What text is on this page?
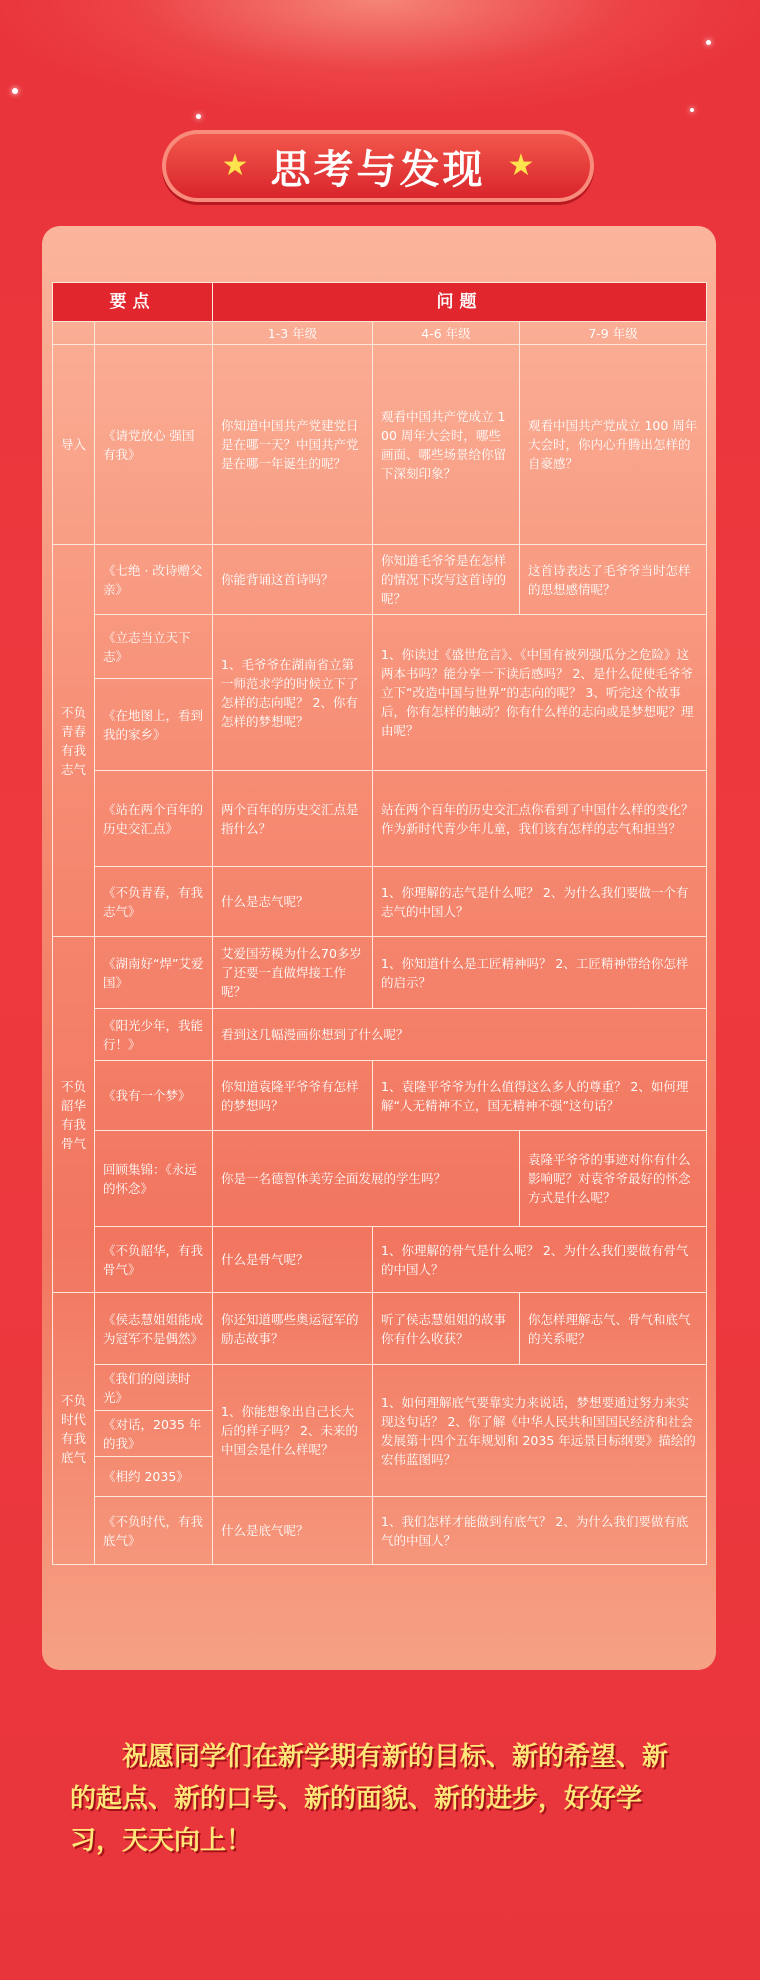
★ 思考与发现 ★
要点		问题		
		1-3 年级	4-6 年级	7-9 年级
导入	《请党放心 强国有我》	你知道中国共产党建党日是在哪一天？中国共产党是在哪一年诞生的呢？	观看中国共产党成立 100 周年大会时，哪些画面、哪些场景给你留下深刻印象？	观看中国共产党成立 100 周年大会时，你内心升腾出怎样的自豪感？
不负青春 有我志气	《七绝 · 改诗赠父亲》	你能背诵这首诗吗？	你知道毛爷爷是在怎样的情况下改写这首诗的呢？	这首诗表达了毛爷爷当时怎样的思想感情呢？
	《立志当立天下志》	1、毛爷爷在湖南省立第一师范求学的时候立下了怎样的志向呢？ 2、你有怎样的梦想呢？	1、你读过《盛世危言》、《中国有被列强瓜分之危险》这两本书吗？能分享一下读后感吗？ 2、是什么促使毛爷爷立下“改造中国与世界”的志向的呢？ 3、听完这个故事后，你有怎样的触动？你有什么样的志向或是梦想呢？理由呢？	
	《在地图上，看到我的家乡》			
	《站在两个百年的历史交汇点》	两个百年的历史交汇点是指什么？	站在两个百年的历史交汇点你看到了中国什么样的变化？作为新时代青少年儿童，我们该有怎样的志气和担当？	
	《不负青春，有我志气》	什么是志气呢？	1、你理解的志气是什么呢？ 2、为什么我们要做一个有志气的中国人？	
不负韶华 有我骨气	《湖南好“焊”艾爱国》	艾爱国劳模为什么70多岁了还要一直做焊接工作呢？	1、你知道什么是工匠精神吗？ 2、工匠精神带给你怎样的启示？	
	《阳光少年，我能行！》	看到这几幅漫画你想到了什么呢？		
	《我有一个梦》	你知道袁隆平爷爷有怎样的梦想吗？	1、袁隆平爷爷为什么值得这么多人的尊重？ 2、如何理解“人无精神不立，国无精神不强”这句话？	
	回顾集锦：《永远的怀念》	你是一名德智体美劳全面发展的学生吗？		袁隆平爷爷的事迹对你有什么影响呢？对袁爷爷最好的怀念方式是什么呢？
	《不负韶华，有我骨气》	什么是骨气呢？	1、你理解的骨气是什么呢？ 2、为什么我们要做有骨气的中国人？	
不负时代 有我底气	《侯志慧姐姐能成为冠军不是偶然》	你还知道哪些奥运冠军的励志故事？	听了侯志慧姐姐的故事你有什么收获？	你怎样理解志气、骨气和底气的关系呢？
	《我们的阅读时光》	1、你能想象出自己长大后的样子吗？ 2、未来的中国会是什么样呢？	1、如何理解底气要靠实力来说话，梦想要通过努力来实现这句话？ 2、你了解《中华人民共和国国民经济和社会发展第十四个五年规划和 2035 年远景目标纲要》描绘的宏伟蓝图吗？	
	《对话，2035 年的我》			
	《相约 2035》			
	《不负时代，有我底气》	什么是底气呢？	1、我们怎样才能做到有底气？ 2、为什么我们要做有底气的中国人？	
祝愿同学们在新学期有新的目标、新的希望、新的起点、新的口号、新的面貌、新的进步，好好学习，天天向上！
